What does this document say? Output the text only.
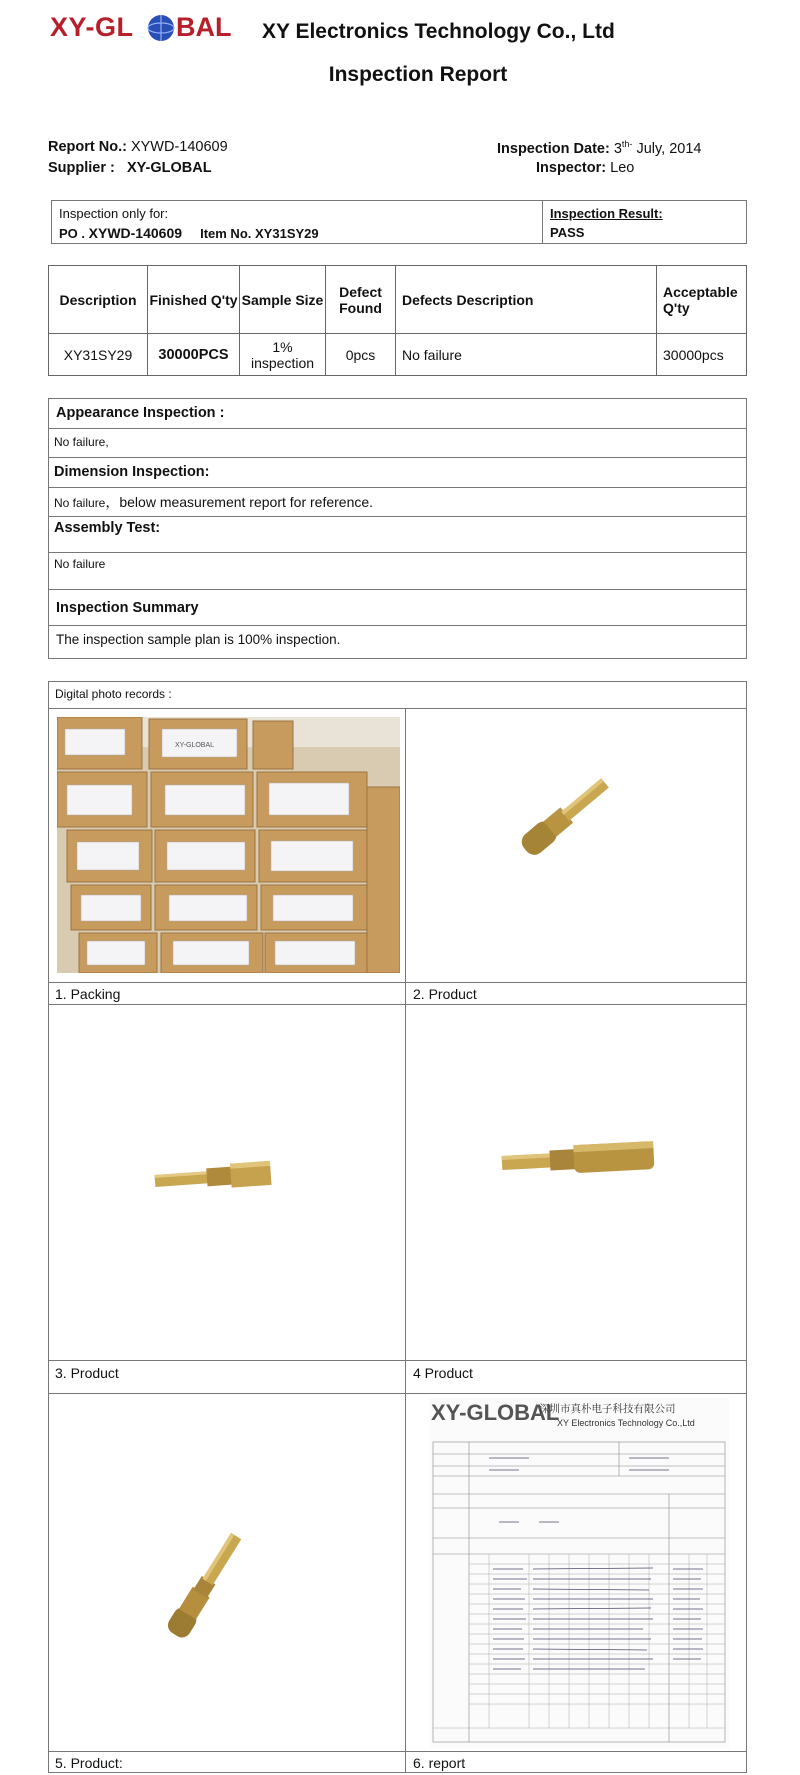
XY-GL BAL XY Electronics Technology Co., Ltd
Inspection Report
Report No.: XYWD-140609
Supplier : XY-GLOBAL
Inspection Date: $3^{th-}$ July, 2014
Inspector: Leo
Inspection only for:
PO . XYWD-140609 Item No. XY31SY29
Inspection Result:
PASS
Description	Finished Q'ty	Sample Size	Defect Found	Defects Description	Acceptable Q'ty
XY31SY29	30000PCS	1% inspection	0pcs	No failure	30000pcs
Appearance Inspection :
No failure,
Dimension Inspection:
No failure，below measurement report for reference.
Assembly Test:
No failure
Inspection Summary
The inspection sample plan is 100% inspection.
Digital photo records :
XY-GLOBAL
1. Packing	2. Product
3. Product	4 Product
XY-GLOBAL
深圳市真朴电子科技有限公司
XY Electronics Technology Co.,Ltd
5. Product:	6. report
